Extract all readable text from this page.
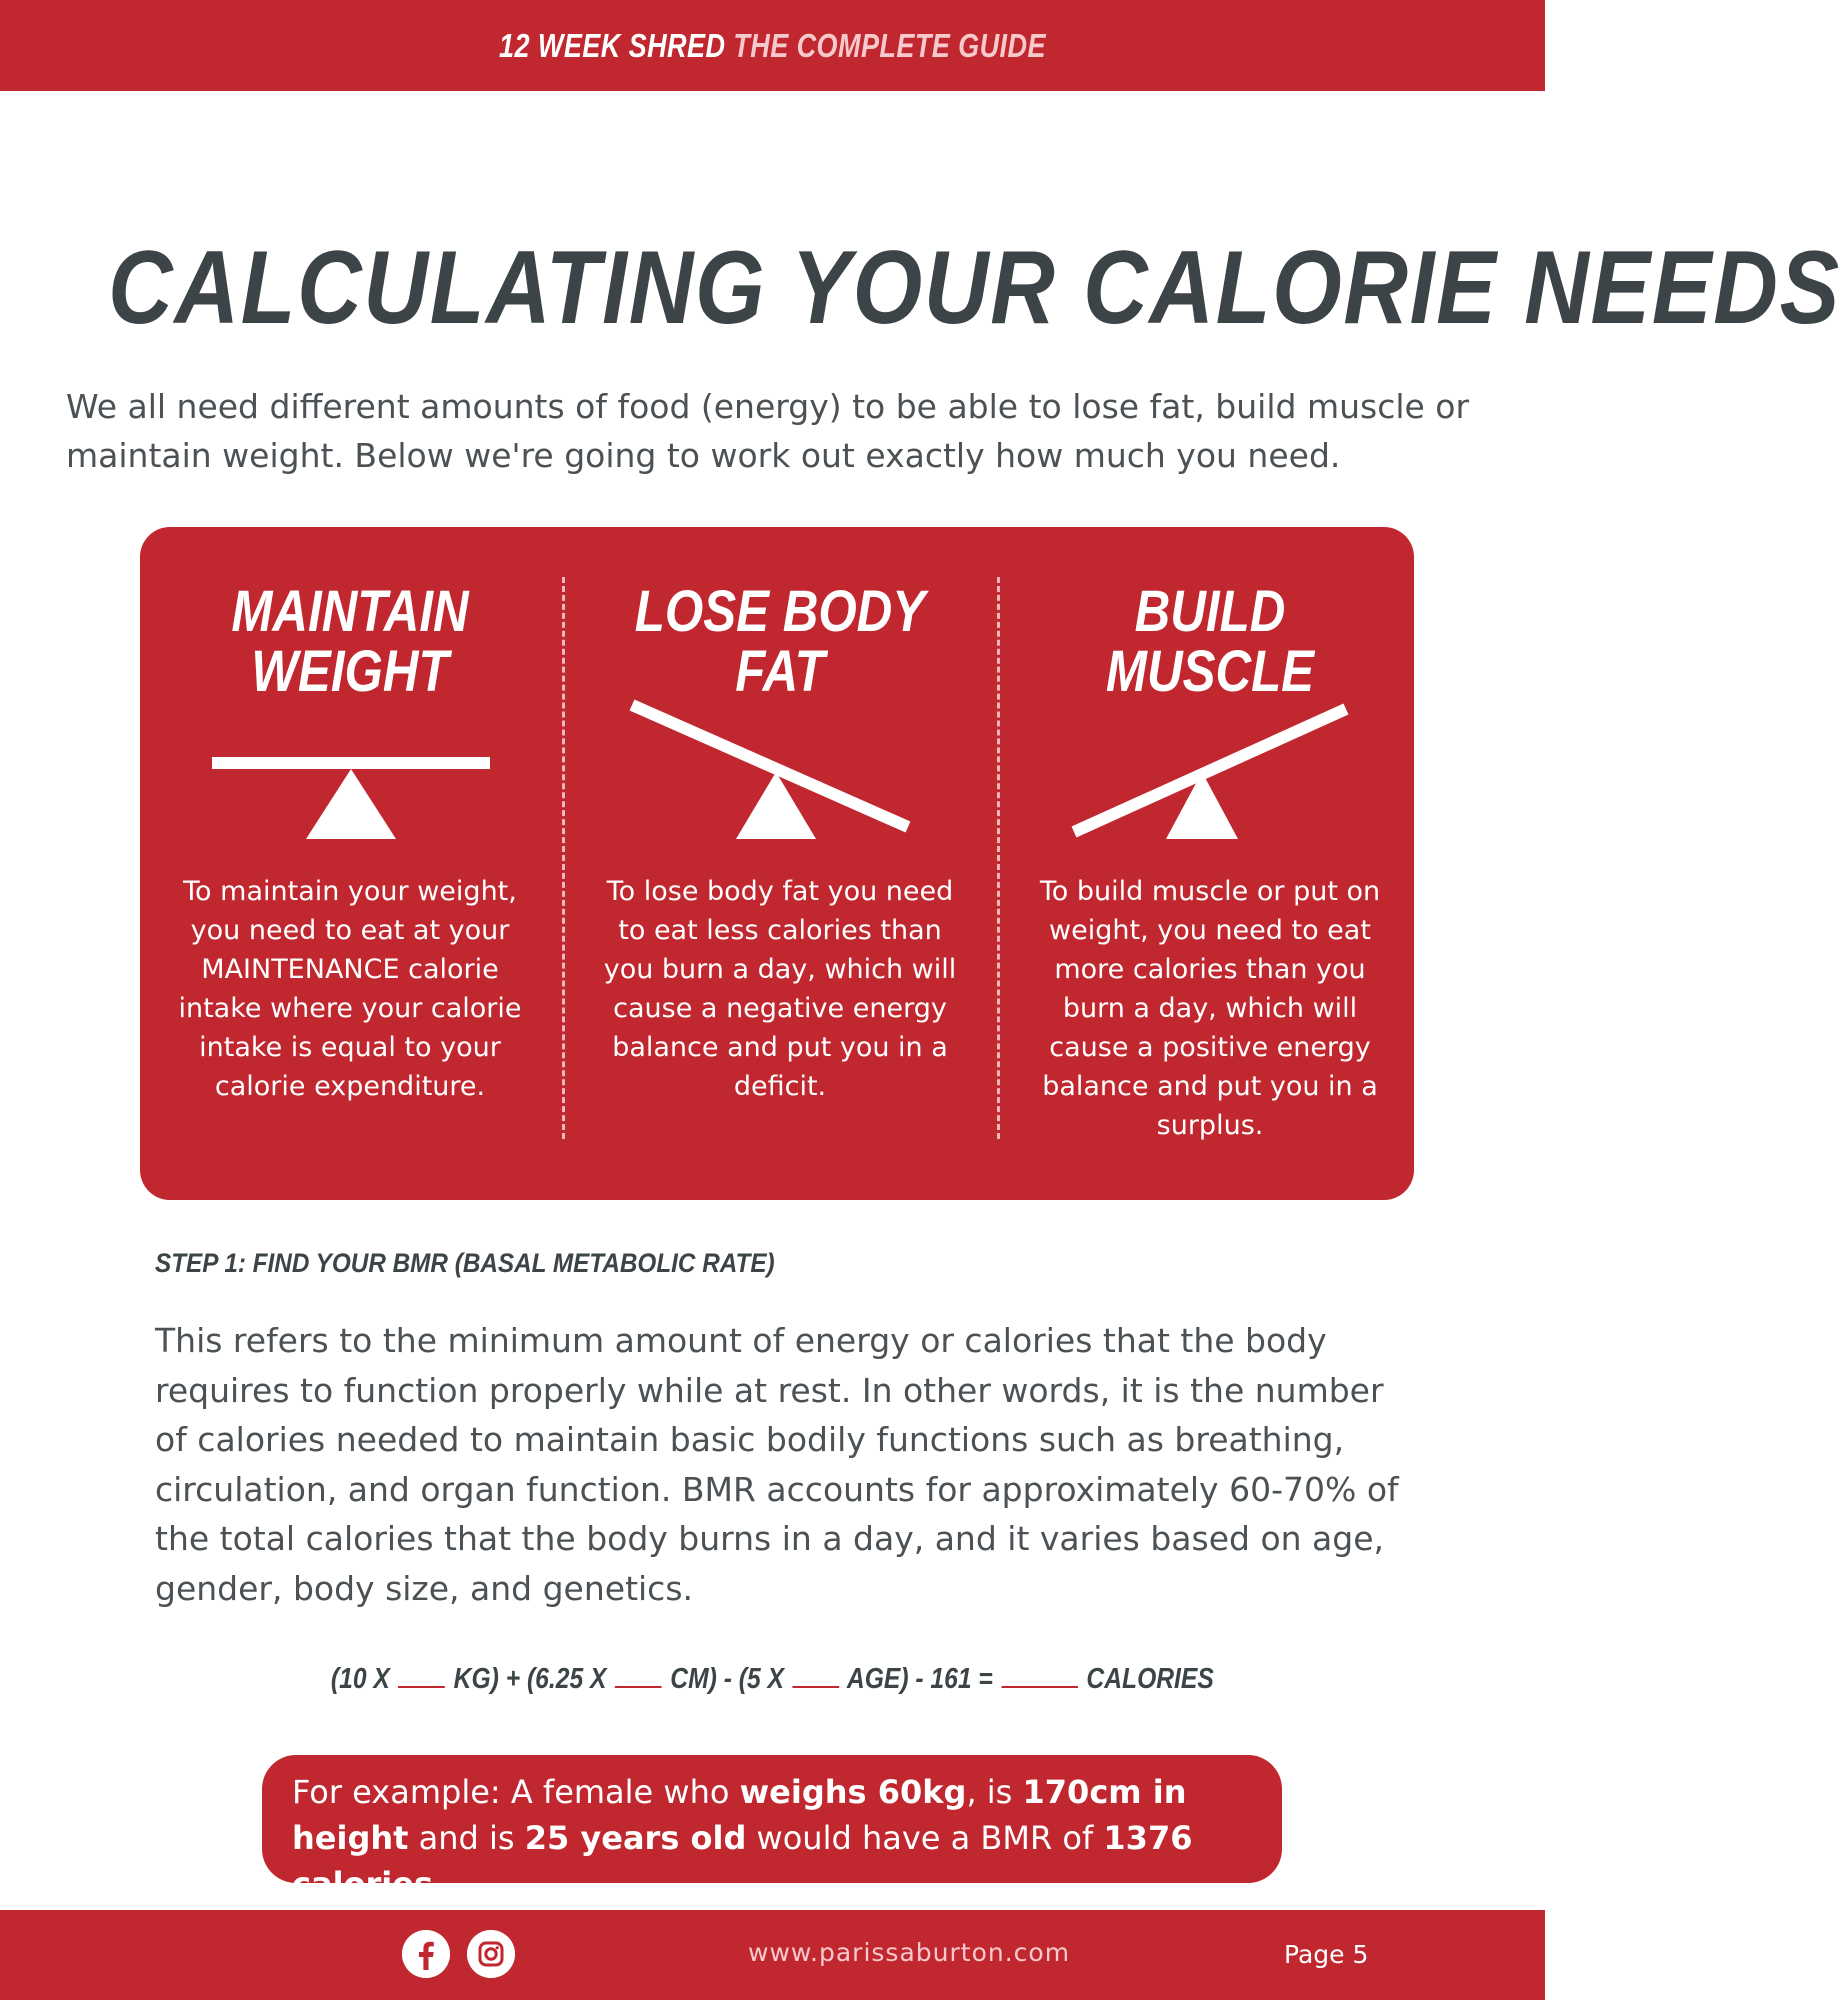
12 WEEK SHRED THE COMPLETE GUIDE
CALCULATING YOUR CALORIE NEEDS

We all need different amounts of food (energy) to be able to lose fat, build muscle or maintain weight. Below we're going to work out exactly how much you need.

MAINTAIN
WEIGHT

To maintain your weight, you need to eat at your MAINTENANCE calorie intake where your calorie intake is equal to your calorie expenditure.

LOSE BODY
FAT

To lose body fat you need to eat less calories than you burn a day, which will cause a negative energy balance and put you in a deficit.

BUILD
MUSCLE

To build muscle or put on weight, you need to eat more calories than you burn a day, which will cause a positive energy balance and put you in a surplus.

STEP 1: FIND YOUR BMR (BASAL METABOLIC RATE)

This refers to the minimum amount of energy or calories that the body requires to function properly while at rest. In other words, it is the number of calories needed to maintain basic bodily functions such as breathing, circulation, and organ function. BMR accounts for approximately 60-70% of the total calories that the body burns in a day, and it varies based on age, gender, body size, and genetics.

(10 X KG) + (6.25 X CM) - (5 X AGE) - 161 =	CALORIES
For example: A female who weighs 60kg, is 170cm in height and is 25 years old would have a BMR of 1376 calories.
www.parissaburton.com	Page 5
